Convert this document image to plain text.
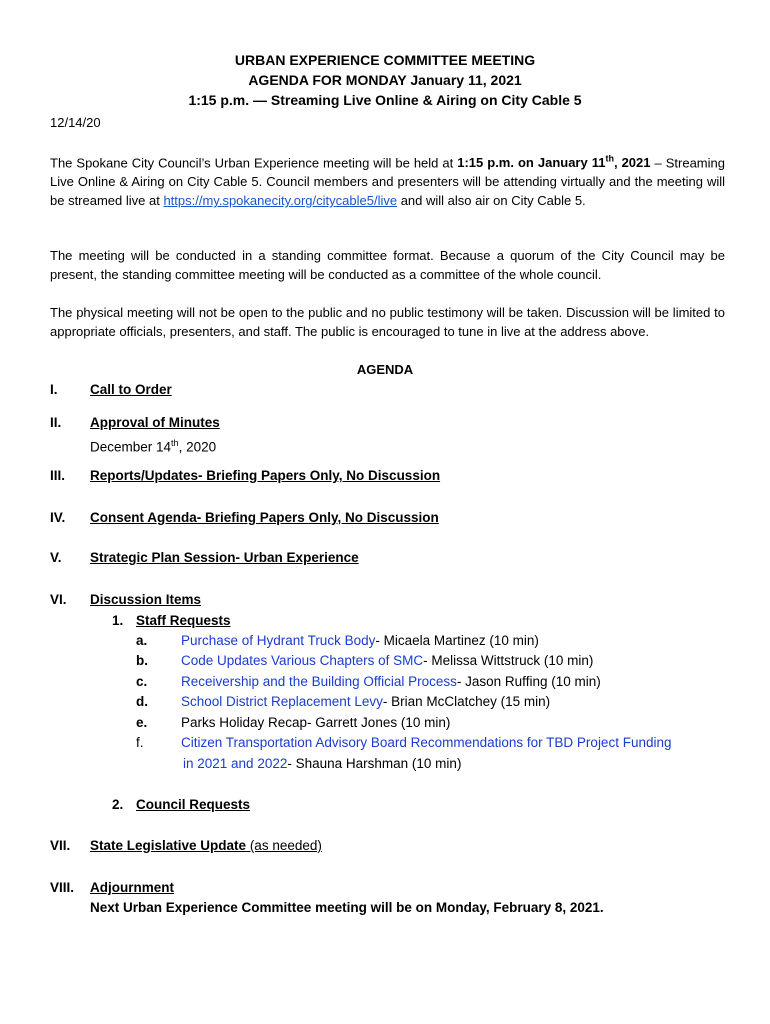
URBAN EXPERIENCE COMMITTEE MEETING
AGENDA FOR MONDAY January 11, 2021
1:15 p.m. — Streaming Live Online & Airing on City Cable 5
12/14/20
The Spokane City Council’s Urban Experience meeting will be held at 1:15 p.m. on January 11th, 2021 – Streaming Live Online & Airing on City Cable 5. Council members and presenters will be attending virtually and the meeting will be streamed live at https://my.spokanecity.org/citycable5/live and will also air on City Cable 5.
The meeting will be conducted in a standing committee format. Because a quorum of the City Council may be present, the standing committee meeting will be conducted as a committee of the whole council.
The physical meeting will not be open to the public and no public testimony will be taken. Discussion will be limited to appropriate officials, presenters, and staff. The public is encouraged to tune in live at the address above.
AGENDA
I.	Call to Order
II.	Approval of Minutes
December 14th, 2020
III.	Reports/Updates- Briefing Papers Only, No Discussion
IV.	Consent Agenda- Briefing Papers Only, No Discussion
V.	Strategic Plan Session- Urban Experience
VI.	Discussion Items
1. Staff Requests
a.	Purchase of Hydrant Truck Body- Micaela Martinez (10 min)
b.	Code Updates Various Chapters of SMC- Melissa Wittstruck (10 min)
c.	Receivership and the Building Official Process- Jason Ruffing (10 min)
d.	School District Replacement Levy- Brian McClatchey (15 min)
e.	Parks Holiday Recap- Garrett Jones (10 min)
f.	Citizen Transportation Advisory Board Recommendations for TBD Project Funding
in 2021 and 2022- Shauna Harshman (10 min)
2. Council Requests
VII.	State Legislative Update (as needed)
VIII.	Adjournment
Next Urban Experience Committee meeting will be on Monday, February 8, 2021.
